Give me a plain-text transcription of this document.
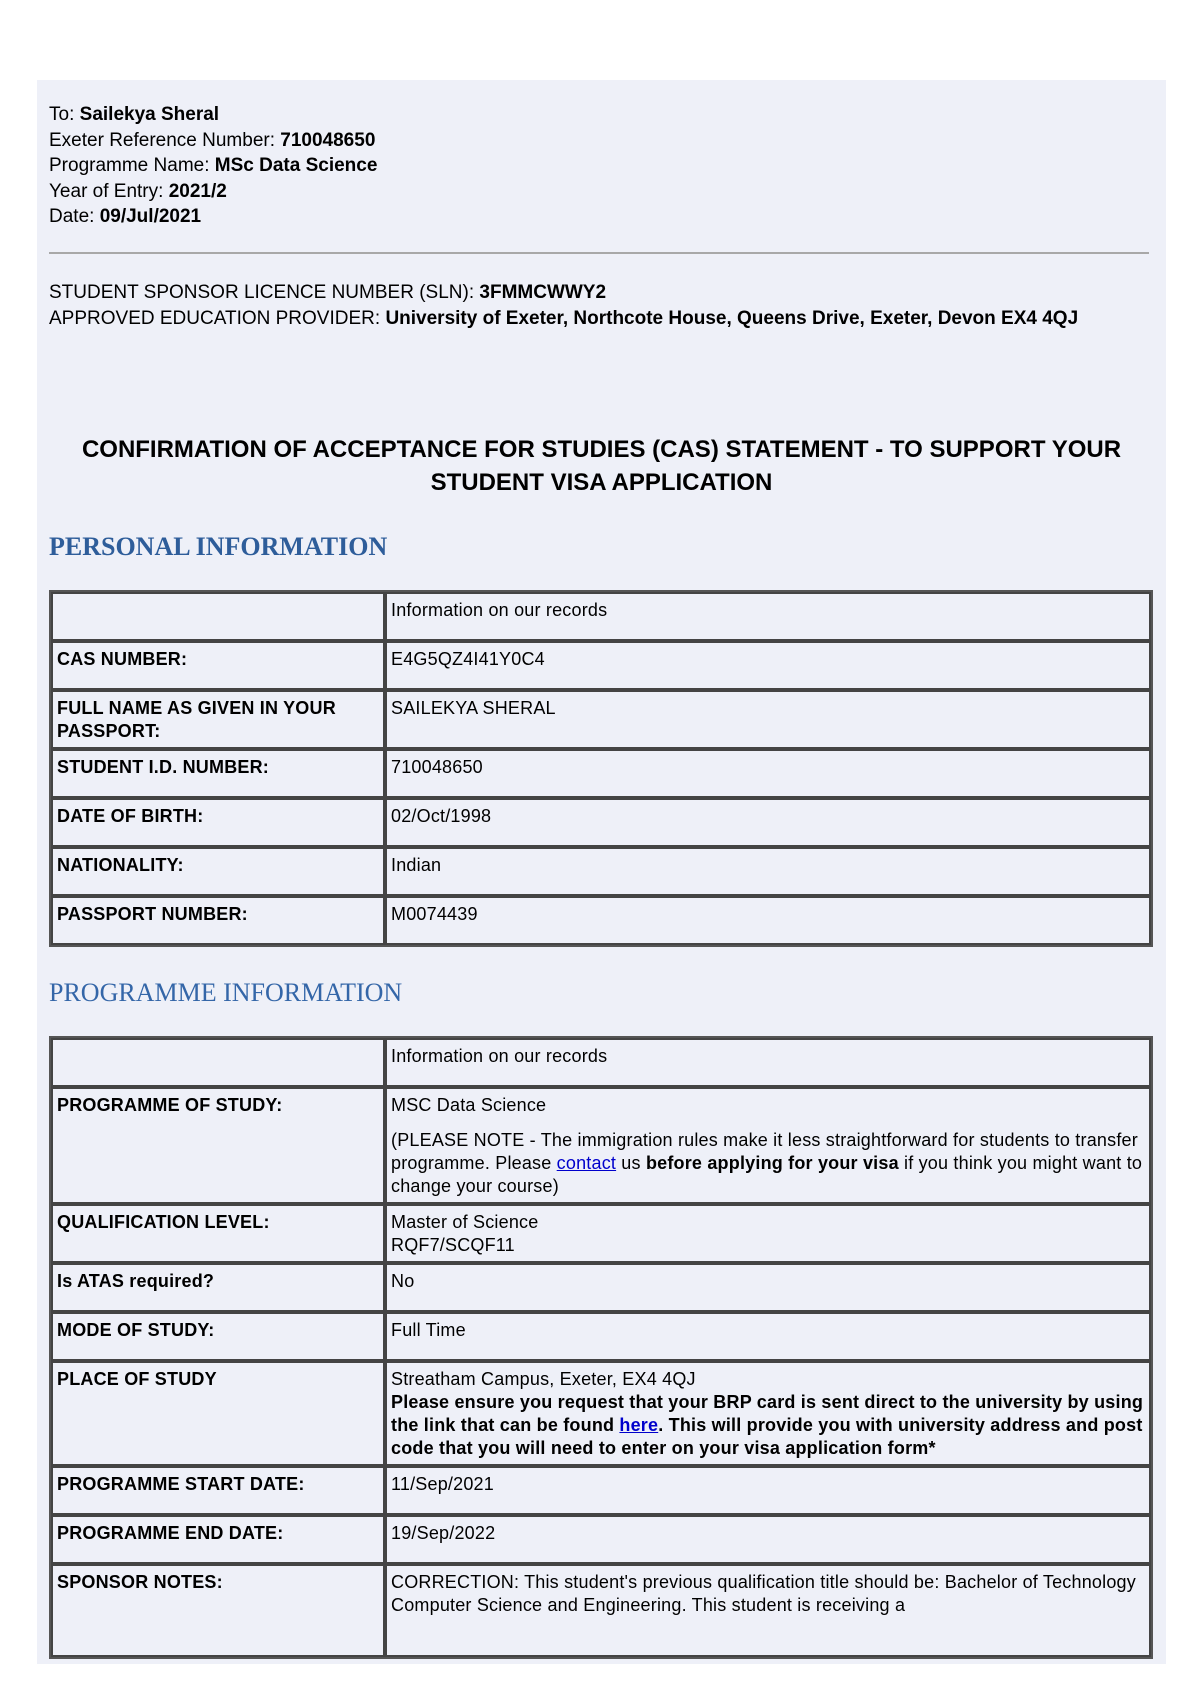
To: Sailekya Sheral
Exeter Reference Number: 710048650
Programme Name: MSc Data Science
Year of Entry: 2021/2
Date: 09/Jul/2021
STUDENT SPONSOR LICENCE NUMBER (SLN): 3FMMCWWY2
APPROVED EDUCATION PROVIDER: University of Exeter, Northcote House, Queens Drive, Exeter, Devon EX4 4QJ
CONFIRMATION OF ACCEPTANCE FOR STUDIES (CAS) STATEMENT - TO SUPPORT YOUR STUDENT VISA APPLICATION
PERSONAL INFORMATION
	Information on our records
CAS NUMBER:	E4G5QZ4I41Y0C4
FULL NAME AS GIVEN IN YOUR PASSPORT:	SAILEKYA SHERAL
STUDENT I.D. NUMBER:	710048650
DATE OF BIRTH:	02/Oct/1998
NATIONALITY:	Indian
PASSPORT NUMBER:	M0074439
PROGRAMME INFORMATION
	Information on our records
PROGRAMME OF STUDY:	MSC Data Science
(PLEASE NOTE - The immigration rules make it less straightforward for students to transfer programme. Please contact us before applying for your visa if you think you might want to change your course)

QUALIFICATION LEVEL:	Master of Science
RQF7/SCQF11

Is ATAS required?	No
MODE OF STUDY:	Full Time
PLACE OF STUDY	Streatham Campus, Exeter, EX4 4QJ
Please ensure you request that your BRP card is sent direct to the university by using the link that can be found here. This will provide you with university address and post code that you will need to enter on your visa application form*

PROGRAMME START DATE:	11/Sep/2021
PROGRAMME END DATE:	19/Sep/2022
SPONSOR NOTES:	CORRECTION: This student's previous qualification title should be: Bachelor of Technology Computer Science and Engineering. This student is receiving a
